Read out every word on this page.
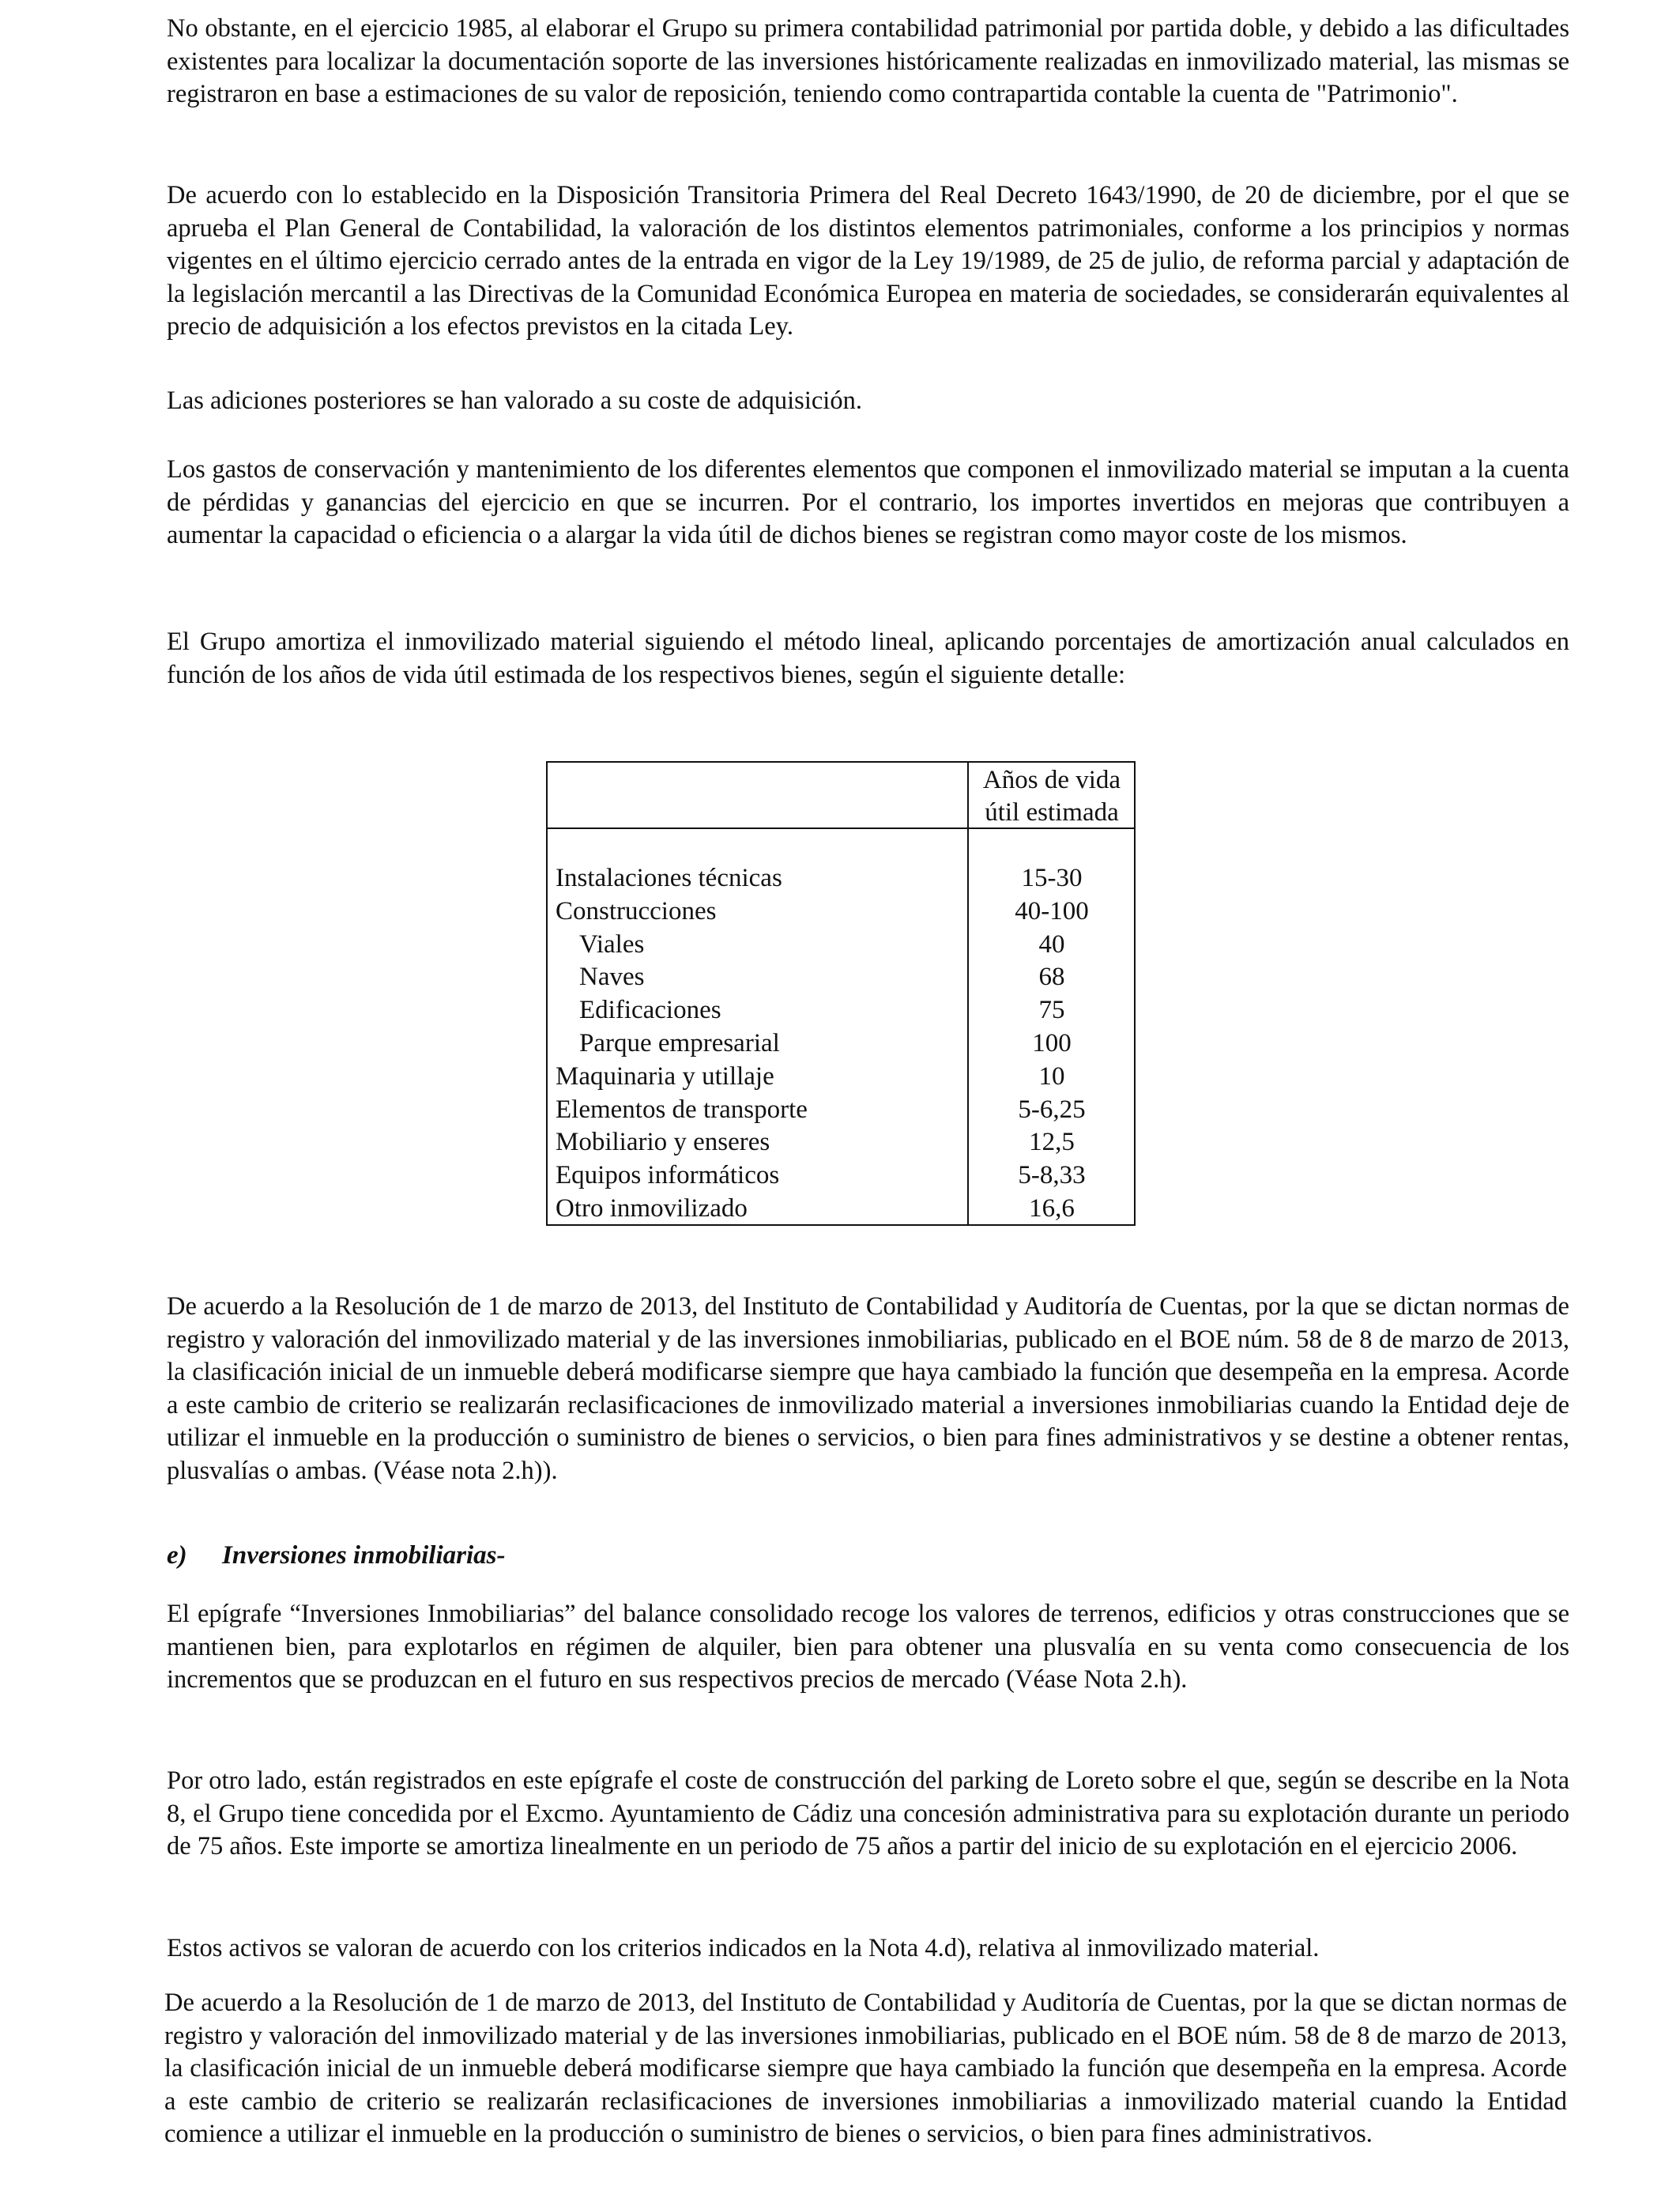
No obstante, en el ejercicio 1985, al elaborar el Grupo su primera contabilidad patrimonial por partida doble, y debido a las dificultades existentes para localizar la documentación soporte de las inversiones históricamente realizadas en inmovilizado material, las mismas se registraron en base a estimaciones de su valor de reposición, teniendo como contrapartida contable la cuenta de "Patrimonio".

De acuerdo con lo establecido en la Disposición Transitoria Primera del Real Decreto 1643/1990, de 20 de diciembre, por el que se aprueba el Plan General de Contabilidad, la valoración de los distintos elementos patrimoniales, conforme a los principios y normas vigentes en el último ejercicio cerrado antes de la entrada en vigor de la Ley 19/1989, de 25 de julio, de reforma parcial y adaptación de la legislación mercantil a las Directivas de la Comunidad Económica Europea en materia de sociedades, se considerarán equivalentes al precio de adquisición a los efectos previstos en la citada Ley.

Las adiciones posteriores se han valorado a su coste de adquisición.

Los gastos de conservación y mantenimiento de los diferentes elementos que componen el inmovilizado material se imputan a la cuenta de pérdidas y ganancias del ejercicio en que se incurren. Por el contrario, los importes invertidos en mejoras que contribuyen a aumentar la capacidad o eficiencia o a alargar la vida útil de dichos bienes se registran como mayor coste de los mismos.

El Grupo amortiza el inmovilizado material siguiendo el método lineal, aplicando porcentajes de amortización anual calculados en función de los años de vida útil estimada de los respectivos bienes, según el siguiente detalle:

Años de vida
útil estimada
Instalaciones técnicas	15-30
Construcciones	40-100
Viales	40
Naves	68
Edificaciones	75
Parque empresarial	100
Maquinaria y utillaje	10
Elementos de transporte	5-6,25
Mobiliario y enseres	12,5
Equipos informáticos	5-8,33
Otro inmovilizado	16,6

De acuerdo a la Resolución de 1 de marzo de 2013, del Instituto de Contabilidad y Auditoría de Cuentas, por la que se dictan normas de registro y valoración del inmovilizado material y de las inversiones inmobiliarias, publicado en el BOE núm. 58 de 8 de marzo de 2013, la clasificación inicial de un inmueble deberá modificarse siempre que haya cambiado la función que desempeña en la empresa. Acorde a este cambio de criterio se realizarán reclasificaciones de inmovilizado material a inversiones inmobiliarias cuando la Entidad deje de utilizar el inmueble en la producción o suministro de bienes o servicios, o bien para fines administrativos y se destine a obtener rentas, plusvalías o ambas. (Véase nota 2.h)).

e) Inversiones inmobiliarias-

El epígrafe “Inversiones Inmobiliarias” del balance consolidado recoge los valores de terrenos, edificios y otras construcciones que se mantienen bien, para explotarlos en régimen de alquiler, bien para obtener una plusvalía en su venta como consecuencia de los incrementos que se produzcan en el futuro en sus respectivos precios de mercado (Véase Nota 2.h).

Por otro lado, están registrados en este epígrafe el coste de construcción del parking de Loreto sobre el que, según se describe en la Nota 8, el Grupo tiene concedida por el Excmo. Ayuntamiento de Cádiz una concesión administrativa para su explotación durante un periodo de 75 años. Este importe se amortiza linealmente en un periodo de 75 años a partir del inicio de su explotación en el ejercicio 2006.

Estos activos se valoran de acuerdo con los criterios indicados en la Nota 4.d), relativa al inmovilizado material.

De acuerdo a la Resolución de 1 de marzo de 2013, del Instituto de Contabilidad y Auditoría de Cuentas, por la que se dictan normas de registro y valoración del inmovilizado material y de las inversiones inmobiliarias, publicado en el BOE núm. 58 de 8 de marzo de 2013, la clasificación inicial de un inmueble deberá modificarse siempre que haya cambiado la función que desempeña en la empresa. Acorde a este cambio de criterio se realizarán reclasificaciones de inversiones inmobiliarias a inmovilizado material cuando la Entidad comience a utilizar el inmueble en la producción o suministro de bienes o servicios, o bien para fines administrativos.
